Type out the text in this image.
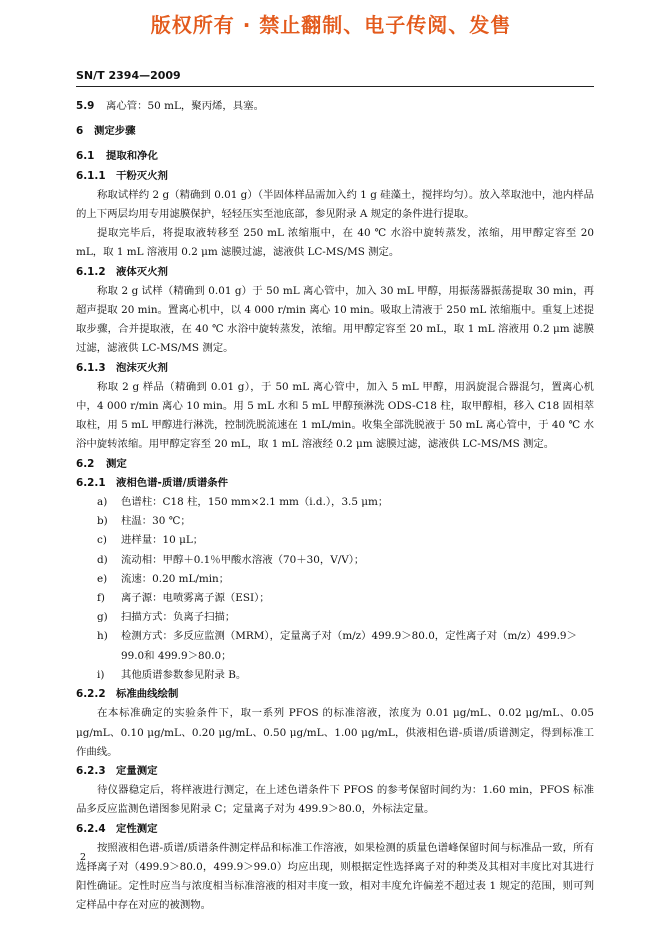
版权所有 · 禁止翻制、电子传阅、发售
SN/T 2394—2009
5.9 离心管：50 mL，聚丙烯，具塞。
6 测定步骤
6.1 提取和净化
6.1.1 干粉灭火剂
称取试样约 2 g（精确到 0.01 g）（半固体样品需加入约 1 g 硅藻土，搅拌均匀）。放入萃取池中，池内样品的上下两层均用专用滤膜保护，轻轻压实至池底部，参见附录 A 规定的条件进行提取。
提取完毕后，将提取液转移至 250 mL 浓缩瓶中，在 40 ℃ 水浴中旋转蒸发，浓缩，用甲醇定容至 20 mL，取 1 mL 溶液用 0.2 μm 滤膜过滤，滤液供 LC-MS/MS 测定。
6.1.2 液体灭火剂
称取 2 g 试样（精确到 0.01 g）于 50 mL 离心管中，加入 30 mL 甲醇，用振荡器振荡提取 30 min，再超声提取 20 min。置离心机中，以 4 000 r/min 离心 10 min。吸取上清液于 250 mL 浓缩瓶中。重复上述提取步骤，合并提取液，在 40 ℃ 水浴中旋转蒸发，浓缩。用甲醇定容至 20 mL，取 1 mL 溶液用 0.2 μm 滤膜过滤，滤液供 LC-MS/MS 测定。
6.1.3 泡沫灭火剂
称取 2 g 样品（精确到 0.01 g），于 50 mL 离心管中，加入 5 mL 甲醇，用涡旋混合器混匀，置离心机中，4 000 r/min 离心 10 min。用 5 mL 水和 5 mL 甲醇预淋洗 ODS-C18 柱，取甲醇相，移入 C18 固相萃取柱，用 5 mL 甲醇进行淋洗，控制洗脱流速在 1 mL/min。收集全部洗脱液于 50 mL 离心管中，于 40 ℃ 水浴中旋转浓缩。用甲醇定容至 20 mL，取 1 mL 溶液经 0.2 μm 滤膜过滤，滤液供 LC-MS/MS 测定。
6.2 测定
6.2.1 液相色谱-质谱/质谱条件
a) 色谱柱：C18 柱，150 mm×2.1 mm（i.d.），3.5 μm；
b) 柱温：30 ℃；
c) 进样量：10 μL；
d) 流动相：甲醇＋0.1％甲酸水溶液（70＋30，V/V）；
e) 流速：0.20 mL/min；
f) 离子源：电喷雾离子源（ESI）；
g) 扫描方式：负离子扫描；
h) 检测方式：多反应监测（MRM），定量离子对（m/z）499.9＞80.0，定性离子对（m/z）499.9＞
99.0和 499.9＞80.0；
i) 其他质谱参数参见附录 B。
6.2.2 标准曲线绘制
在本标准确定的实验条件下，取一系列 PFOS 的标准溶液，浓度为 0.01 μg/mL、0.02 μg/mL、0.05 μg/mL、0.10 μg/mL、0.20 μg/mL、0.50 μg/mL、1.00 μg/mL，供液相色谱-质谱/质谱测定，得到标准工作曲线。
6.2.3 定量测定
待仪器稳定后，将样液进行测定，在上述色谱条件下 PFOS 的参考保留时间约为：1.60 min，PFOS 标准品多反应监测色谱图参见附录 C；定量离子对为 499.9＞80.0，外标法定量。
6.2.4 定性测定
按照液相色谱-质谱/质谱条件测定样品和标准工作溶液，如果检测的质量色谱峰保留时间与标准品一致，所有选择离子对（499.9＞80.0，499.9＞99.0）均应出现，则根据定性选择离子对的种类及其相对丰度比对其进行阳性确证。定性时应当与浓度相当标准溶液的相对丰度一致，相对丰度允许偏差不超过表 1 规定的范围，则可判定样品中存在对应的被测物。
2
